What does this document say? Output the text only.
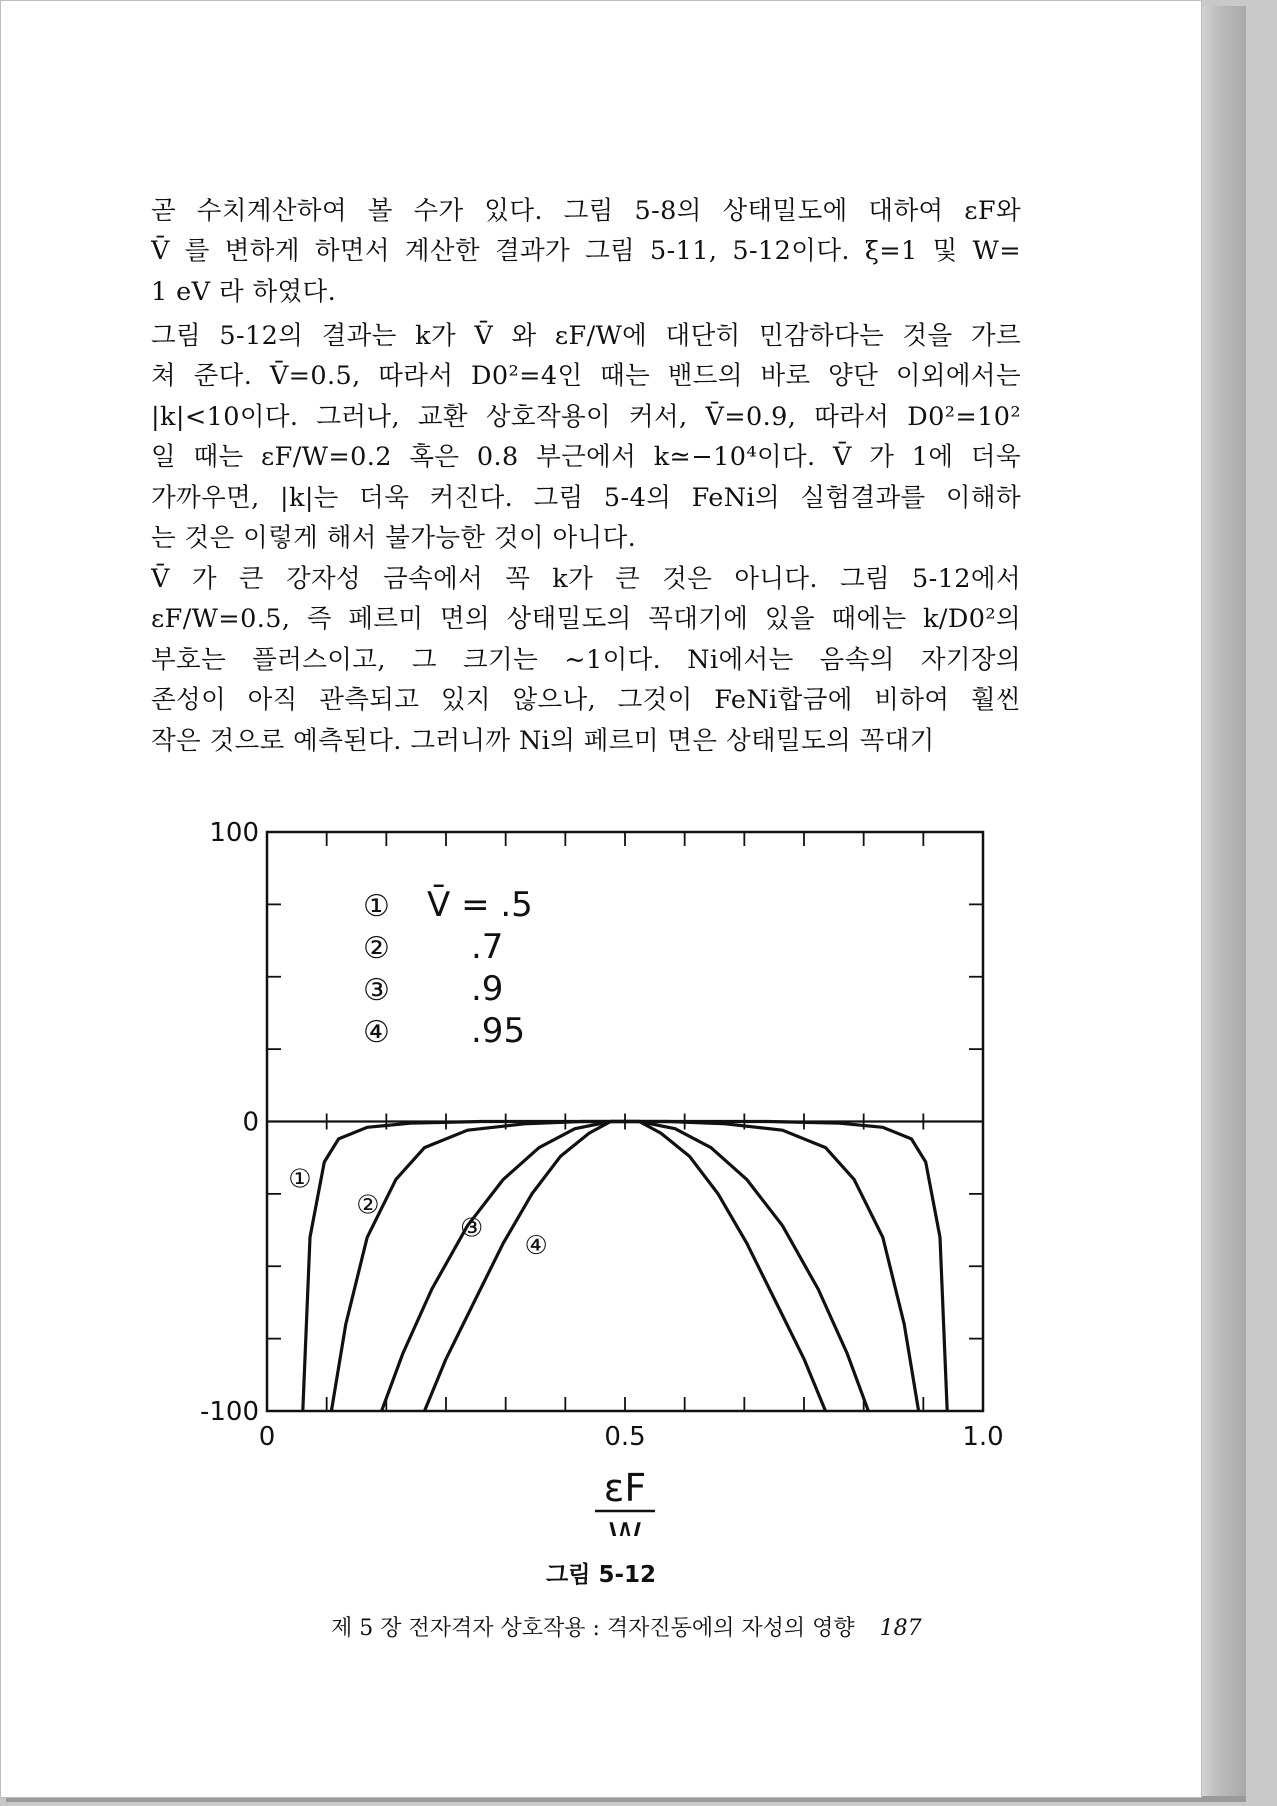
곧 수치계산하여 볼 수가 있다. 그림 5-8의 상태밀도에 대하여 εF와
V̄ 를 변하게 하면서 계산한 결과가 그림 5-11, 5-12이다. ξ=1 및 W=
1 eV 라 하였다.
그림 5-12의 결과는 k가 V̄ 와 εF/W에 대단히 민감하다는 것을 가르
쳐 준다. V̄=0.5, 따라서 D0²=4인 때는 밴드의 바로 양단 이외에서는
|k|<10이다. 그러나, 교환 상호작용이 커서, V̄=0.9, 따라서 D0²=10²
일 때는 εF/W=0.2 혹은 0.8 부근에서 k≃−10⁴이다. V̄ 가 1에 더욱
가까우면, |k|는 더욱 커진다. 그림 5-4의 FeNi의 실험결과를 이해하
는 것은 이렇게 해서 불가능한 것이 아니다.
V̄ 가 큰 강자성 금속에서 꼭 k가 큰 것은 아니다. 그림 5-12에서
εF/W=0.5, 즉 페르미 면의 상태밀도의 꼭대기에 있을 때에는 k/D0²의
부호는 플러스이고, 그 크기는 ∼1이다. Ni에서는 음속의 자기장의
존성이 아직 관측되고 있지 않으나, 그것이 FeNi합금에 비하여 훨씬
작은 것으로 예측된다. 그러니까 Ni의 페르미 면은 상태밀도의 꼭대기
100
0
-100
0	0.5	1.0
εF
W
①
②
③
④
① V̄ = .5
② .7
③ .9
④ .95
그림 5-12
제 5 장 전자격자 상호작용 : 격자진동에의 자성의 영향 187
